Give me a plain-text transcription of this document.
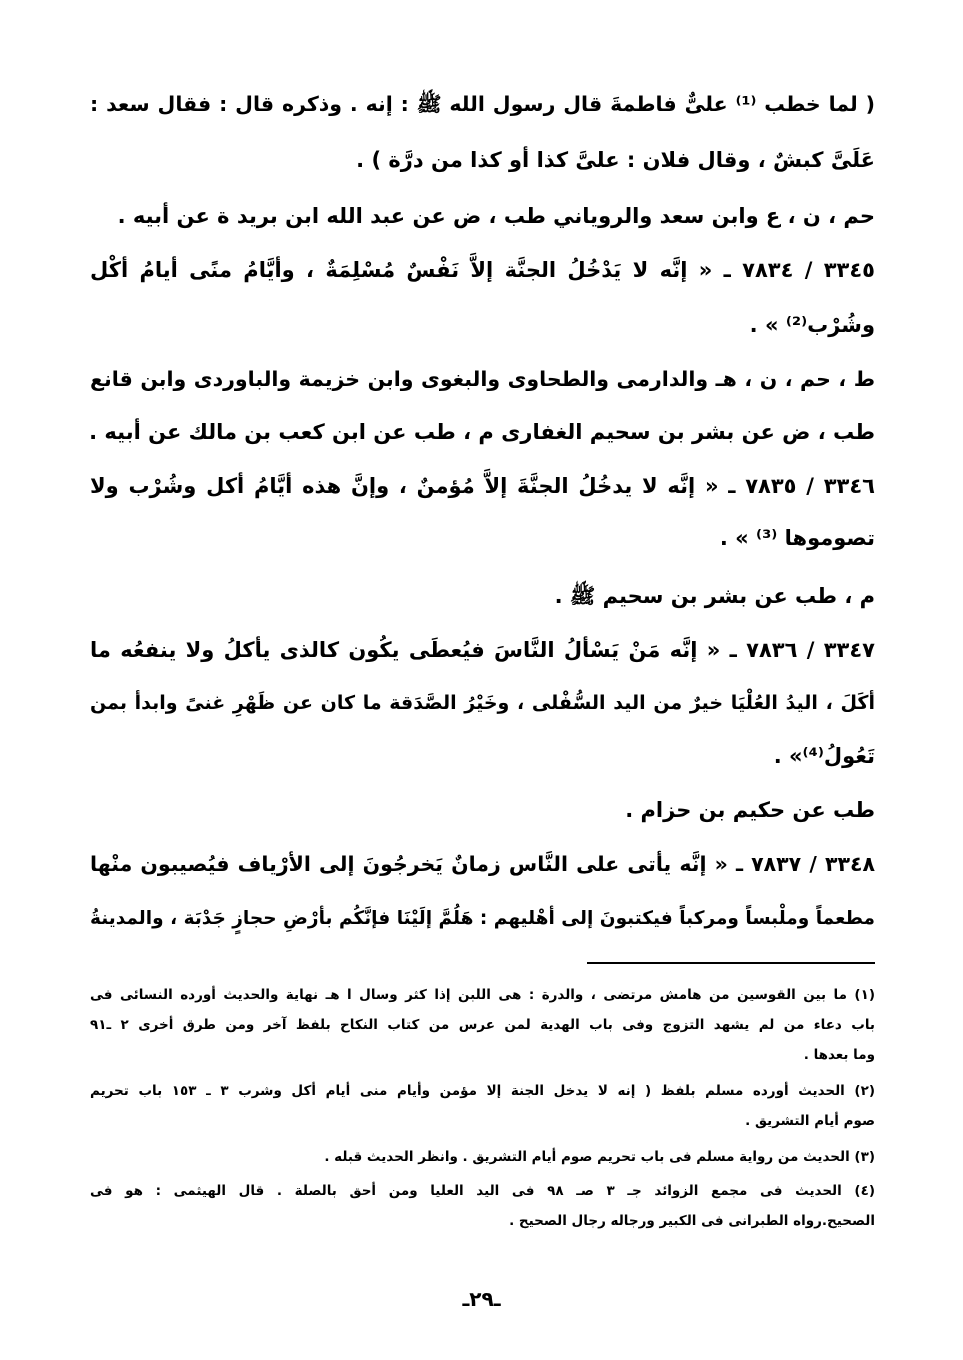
( لما خطب ⁽¹⁾ علىٌّ فاطمةَ قال رسول الله ﷺ : إنه . وذكره قال : فقال سعد :
عَلَىَّ كبشٌ ، وقال فلان : علىَّ كذا أو كذا من درَّة ) .
حم ، ن ، ع وابن سعد والروياني طب ، ض عن عبد الله ابن بريد ة عن أبيه .
٣٣٤٥ / ٧٨٣٤ ـ « إنَّه لا يَدْخُلُ الجنَّة إلاَّ نَفْسٌ مُسْلِمَةٌ ، وأيَّامُ منًى أيامُ أكْل
وشُرْب⁽²⁾ » .
ط ، حم ، ن ، هـ والدارمى والطحاوى والبغوى وابن خزيمة والباوردى وابن قانع
طب ، ض عن بشر بن سحيم الغفارى م ، طب عن ابن كعب بن مالك عن أبيه .
٣٣٤٦ / ٧٨٣٥ ـ « إنَّه لا يدخُلُ الجنَّةَ إلاَّ مُؤمنٌ ، وإنَّ هذه أيَّامُ أكل وشُرْب ولا
تصوموها ⁽³⁾ » .
م ، طب عن بشر بن سحيم ﷺ .
٣٣٤٧ / ٧٨٣٦ ـ « إنَّه مَنْ يَسْألُ النَّاسَ فيُعطَى يكُون كالذى يأكلُ ولا ينفعُه ما
أكَلَ ، اليدُ العُلْيَا خيرٌ من اليد السُّفْلى ، وخَيْرُ الصَّدَقة ما كان عن ظَهْرِ غنىً وابدأ بمن
تَعُولُ⁽⁴⁾» .
طب عن حكيم بن حزام .
٣٣٤٨ / ٧٨٣٧ ـ « إنَّه يأتى على النَّاس زمانٌ يَخرجُونَ إلى الأرْياف فيُصيبون منْها
مطعماً وملْبساً ومركباً فيكتبونَ إلى أهْليهم : هَلُمَّ إلَيْنَا فإنَّكُم بأرْضِ حجازٍ جَدْبَة ، والمدينةُ
(١) ما بين القوسين من هامش مرتضى ، والدرة : هى اللبن إذا كثر وسال ا هـ نهاية والحديث أورده النسائى فى
باب دعاء من لم يشهد التزوج وفى باب الهدية لمن عرس من كتاب النكاح بلفظ آخر ومن طرق أخرى ٢ ـ٩١
وما بعدها .
(٢) الحديث أورده مسلم بلفظ ( إنه لا يدخل الجنة إلا مؤمن وأيام منى أيام أكل وشرب ٣ ـ ١٥٣ باب تحريم
صوم أيام التشريق .
(٣) الحديث من رواية مسلم فى باب تحريم صوم أيام التشريق . وانظر الحديث قبله .
(٤) الحديث فى مجمع الزوائد جـ ٣ صـ ٩٨ فى اليد العليا ومن أحق بالصلة . قال الهيثمى : هو فى
الصحيح.رواه الطبرانى فى الكبير ورجاله رجال الصحيح .
ـ٢٩ـ
